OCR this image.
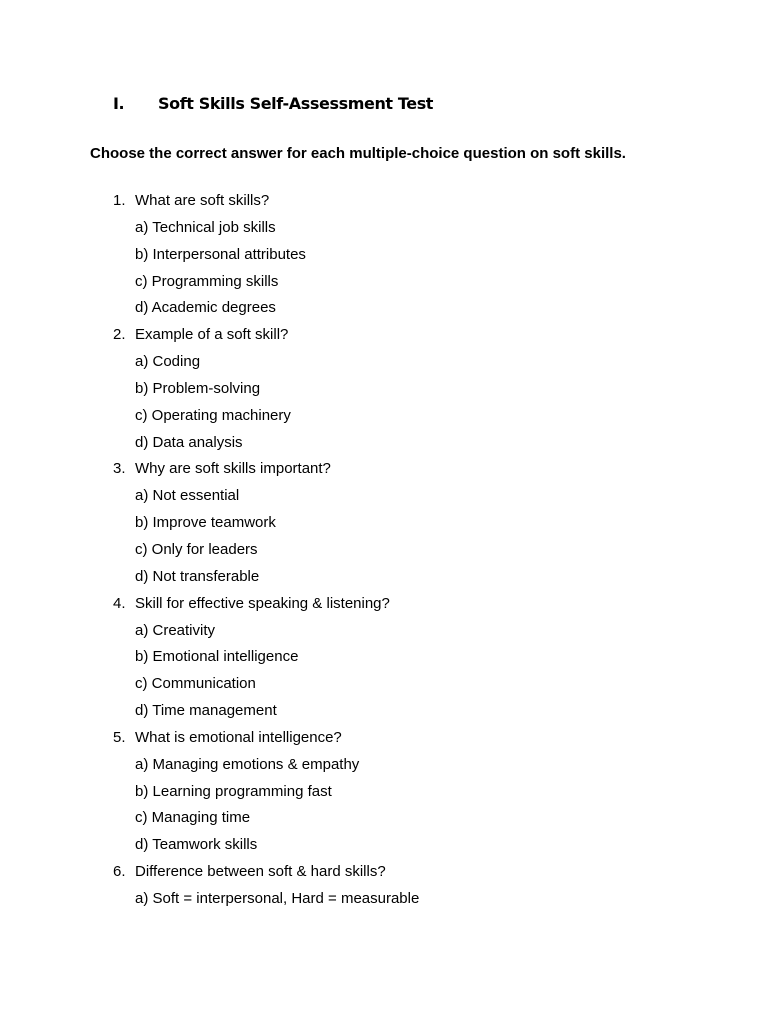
I. Soft Skills Self-Assessment Test
Choose the correct answer for each multiple-choice question on soft skills.
1. What are soft skills?
a) Technical job skills
b) Interpersonal attributes
c) Programming skills
d) Academic degrees
2. Example of a soft skill?
a) Coding
b) Problem-solving
c) Operating machinery
d) Data analysis
3. Why are soft skills important?
a) Not essential
b) Improve teamwork
c) Only for leaders
d) Not transferable
4. Skill for effective speaking & listening?
a) Creativity
b) Emotional intelligence
c) Communication
d) Time management
5. What is emotional intelligence?
a) Managing emotions & empathy
b) Learning programming fast
c) Managing time
d) Teamwork skills
6. Difference between soft & hard skills?
a) Soft = interpersonal, Hard = measurable
